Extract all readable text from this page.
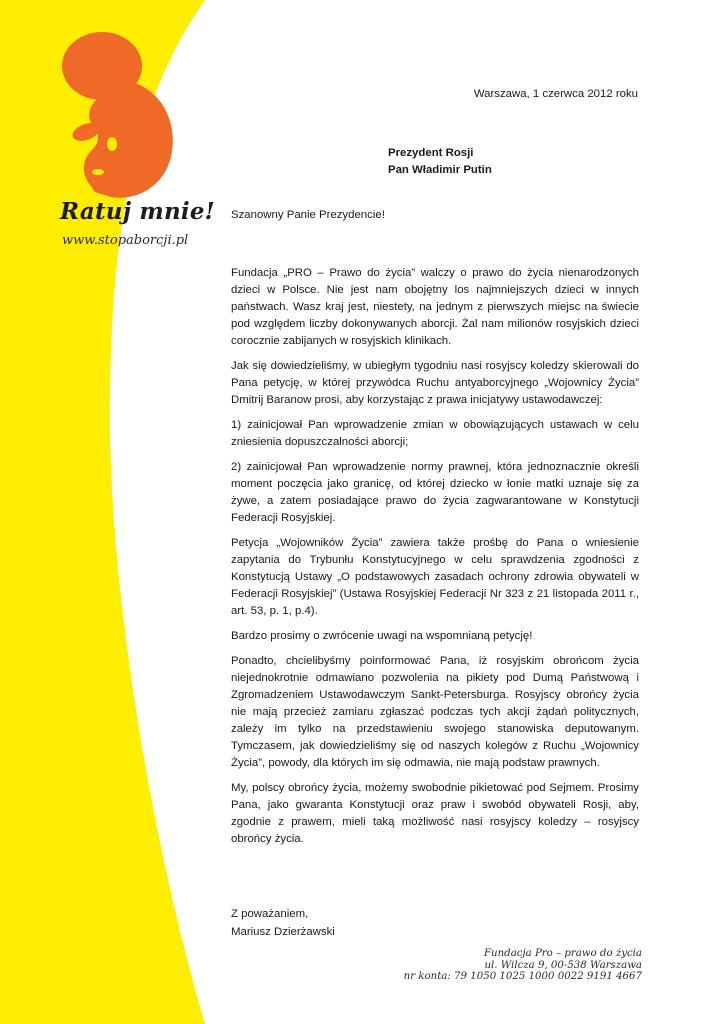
Ratuj mnie!
www.stopaborcji.pl
Warszawa, 1 czerwca 2012 roku
Prezydent Rosji
Pan Władimir Putin
Szanowny Panie Prezydencie!

Fundacja „PRO – Prawo do życia” walczy o prawo do życia nienarodzonych dzieci w Polsce. Nie jest nam obojętny los najmniejszych dzieci w innych państwach. Wasz kraj jest, niestety, na jednym z pierwszych miejsc na świecie pod względem liczby dokonywanych aborcji. Żal nam milionów rosyjskich dzieci corocznie zabijanych w rosyjskich klinikach.

Jak się dowiedzieliśmy, w ubiegłym tygodniu nasi rosyjscy koledzy skierowali do Pana petycję, w której przywódca Ruchu antyaborcyjnego „Wojownicy Życia” Dmitrij Baranow prosi, aby korzystając z prawa inicjatywy ustawodawczej:

1) zainicjował Pan wprowadzenie zmian w obowiązujących ustawach w celu zniesienia dopuszczalności aborcji;

2) zainicjował Pan wprowadzenie normy prawnej, która jednoznacznie określi moment poczęcia jako granicę, od której dziecko w łonie matki uznaje się za żywe, a zatem posiadające prawo do życia zagwarantowane w Konstytucji Federacji Rosyjskiej.

Petycja „Wojowników Życia” zawiera także prośbę do Pana o wniesienie zapytania do Trybunłu Konstytucyjnego w celu sprawdzenia zgodności z Konstytucją Ustawy „O podstawowych zasadach ochrony zdrowia obywateli w Federacji Rosyjskiej” (Ustawa Rosyjskiej Federacji Nr 323 z 21 listopada 2011 r., art. 53, p. 1, p.4).

Bardzo prosimy o zwrócenie uwagi na wspomnianą petycję!

Ponadto, chcielibyśmy poinformować Pana, iż rosyjskim obrońcom życia niejednokrotnie odmawiano pozwolenia na pikiety pod Dumą Państwową i Zgromadzeniem Ustawodawczym Sankt-Petersburga. Rosyjscy obrońcy życia nie mają przecież zamiaru zgłaszać podczas tych akcji żądań politycznych, zależy im tylko na przedstawieniu swojego stanowiska deputowanym. Tymczasem, jak dowiedzieliśmy się od naszych kolegów z Ruchu „Wojownicy Życia”, powody, dla których im się odmawia, nie mają podstaw prawnych.

My, polscy obrońcy życia, możemy swobodnie pikietować pod Sejmem. Prosimy Pana, jako gwaranta Konstytucji oraz praw i swobód obywateli Rosji, aby, zgodnie z prawem, mieli taką możliwość nasi rosyjscy koledzy – rosyjscy obrońcy życia.

Z poważaniem,
Mariusz Dzierżawski
Fundacja Pro – prawo do życia
ul. Wilcza 9, 00-538 Warszawa
nr konta: 79 1050 1025 1000 0022 9191 4667
